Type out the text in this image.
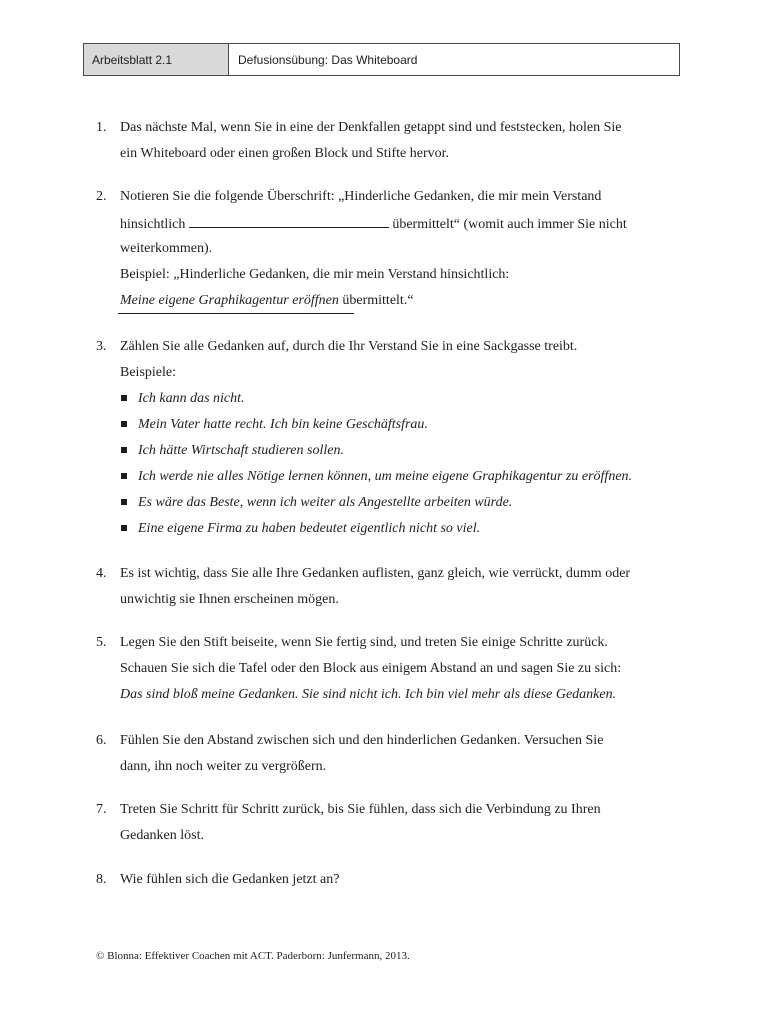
Arbeitsblatt 2.1	Defusionsübung: Das Whiteboard
1. Das nächste Mal, wenn Sie in eine der Denkfallen getappt sind und feststecken, holen Sie
ein Whiteboard oder einen großen Block und Stifte hervor.
2. Notieren Sie die folgende Überschrift: „Hinderliche Gedanken, die mir mein Verstand
hinsichtlich	übermittelt“ (womit auch immer Sie nicht
weiterkommen).
Beispiel: „Hinderliche Gedanken, die mir mein Verstand hinsichtlich:
Meine eigene Graphikagentur eröffnen übermittelt.“
3. Zählen Sie alle Gedanken auf, durch die Ihr Verstand Sie in eine Sackgasse treibt.
Beispiele:
Ich kann das nicht.
Mein Vater hatte recht. Ich bin keine Geschäftsfrau.
Ich hätte Wirtschaft studieren sollen.
Ich werde nie alles Nötige lernen können, um meine eigene Graphikagentur zu eröffnen.
Es wäre das Beste, wenn ich weiter als Angestellte arbeiten würde.
Eine eigene Firma zu haben bedeutet eigentlich nicht so viel.
4. Es ist wichtig, dass Sie alle Ihre Gedanken auflisten, ganz gleich, wie verrückt, dumm oder
unwichtig sie Ihnen erscheinen mögen.
5. Legen Sie den Stift beiseite, wenn Sie fertig sind, und treten Sie einige Schritte zurück.
Schauen Sie sich die Tafel oder den Block aus einigem Abstand an und sagen Sie zu sich:
Das sind bloß meine Gedanken. Sie sind nicht ich. Ich bin viel mehr als diese Gedanken.
6. Fühlen Sie den Abstand zwischen sich und den hinderlichen Gedanken. Versuchen Sie
dann, ihn noch weiter zu vergrößern.
7. Treten Sie Schritt für Schritt zurück, bis Sie fühlen, dass sich die Verbindung zu Ihren
Gedanken löst.
8. Wie fühlen sich die Gedanken jetzt an?
© Blonna: Effektiver Coachen mit ACT. Paderborn: Junfermann, 2013.
